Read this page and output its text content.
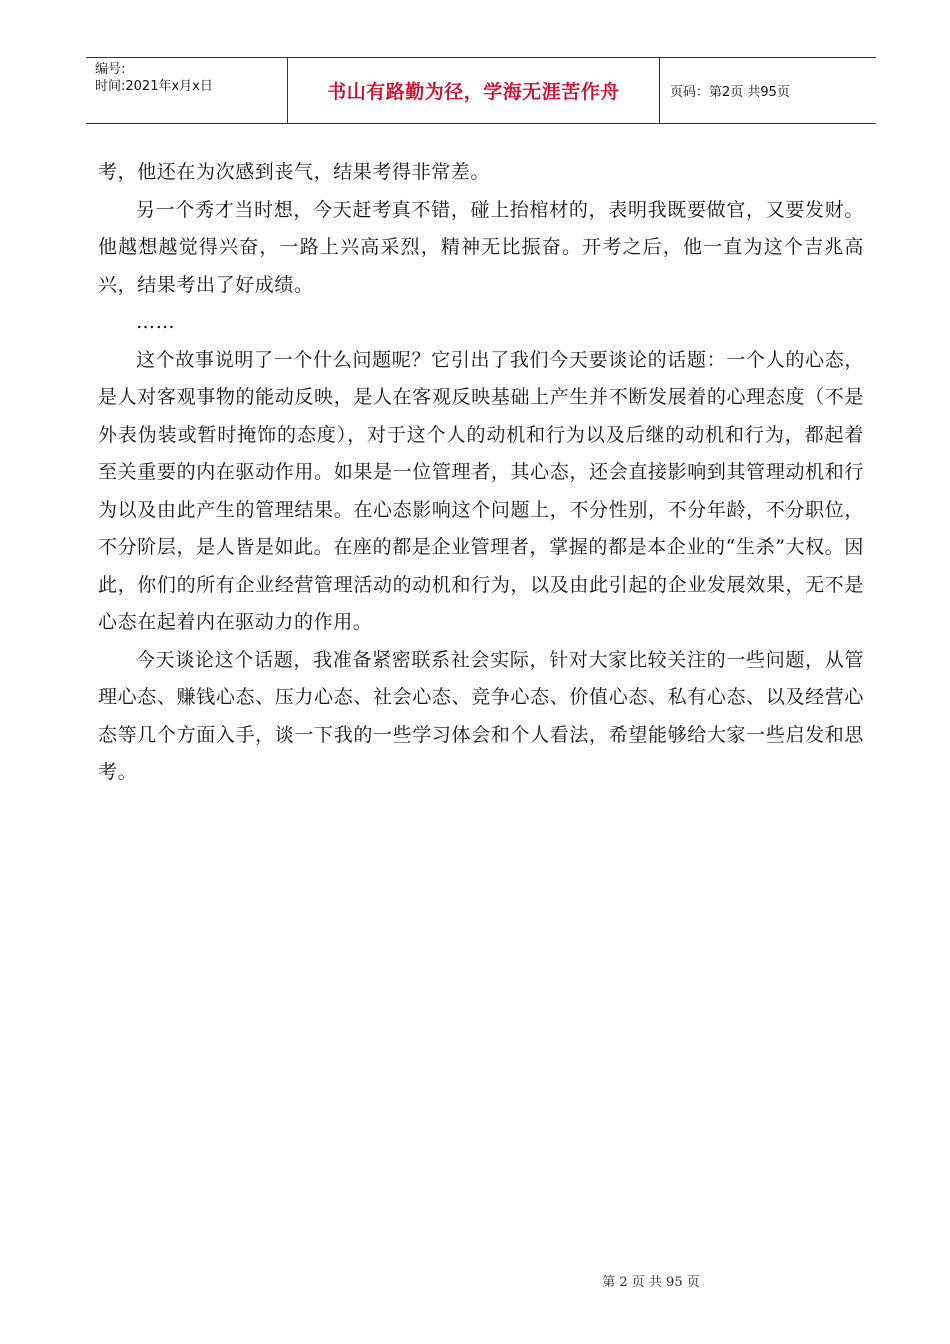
编号:
时间:2021年x月x日	书山有路勤为径，学海无涯苦作舟	页码：第2页 共95页

考，他还在为次感到丧气，结果考得非常差。

另一个秀才当时想，今天赶考真不错，碰上抬棺材的，表明我既要做官，又要发财。他越想越觉得兴奋，一路上兴高采烈，精神无比振奋。开考之后，他一直为这个吉兆高兴，结果考出了好成绩。

……

这个故事说明了一个什么问题呢？它引出了我们今天要谈论的话题：一个人的心态，是人对客观事物的能动反映，是人在客观反映基础上产生并不断发展着的心理态度（不是外表伪装或暂时掩饰的态度），对于这个人的动机和行为以及后继的动机和行为，都起着至关重要的内在驱动作用。如果是一位管理者，其心态，还会直接影响到其管理动机和行为以及由此产生的管理结果。在心态影响这个问题上，不分性别，不分年龄，不分职位，不分阶层，是人皆是如此。在座的都是企业管理者，掌握的都是本企业的“生杀”大权。因此，你们的所有企业经营管理活动的动机和行为，以及由此引起的企业发展效果，无不是心态在起着内在驱动力的作用。

今天谈论这个话题，我准备紧密联系社会实际，针对大家比较关注的一些问题，从管理心态、赚钱心态、压力心态、社会心态、竞争心态、价值心态、私有心态、以及经营心态等几个方面入手，谈一下我的一些学习体会和个人看法，希望能够给大家一些启发和思考。

第 2 页 共 95 页
